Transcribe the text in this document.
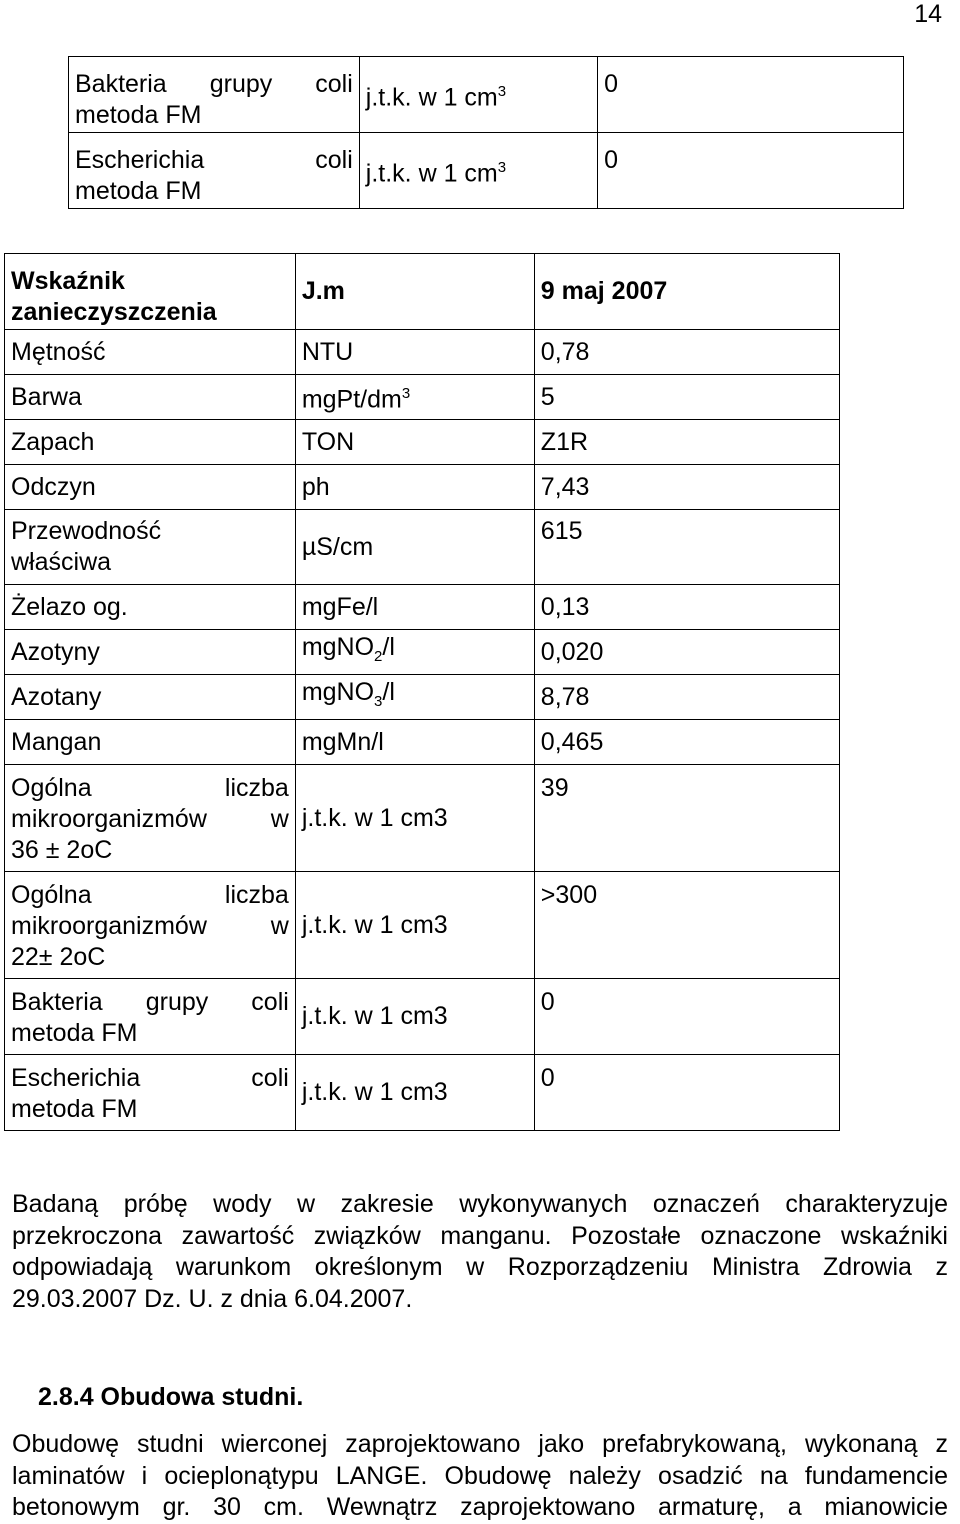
14
Bakteria grupy coli
metoda FM	j.t.k. w 1 $cm^3$	0

Escherichia coli
metoda FM	j.t.k. w 1 $cm^3$	0
Wskaźnik
zanieczyszczenia	J.m	9 maj 2007
Mętność	NTU	0,78
Barwa	mgPt/$dm^3$	5
Zapach	TON	Z1R
Odczyn	ph	7,43

Przewodność
właściwa	µS/cm	615

Żelazo og.	mgFe/l	0,13
Azotyny	mgNO$_2$/l	0,020
Azotany	mgNO$_3$/l	8,78
Mangan	mgMn/l	0,465

Ogólna liczba
mikroorganizmów w
36 ± 2oC	j.t.k. w 1 cm3	39

Ogólna liczba
mikroorganizmów w
22± 2oC	j.t.k. w 1 cm3	>300

Bakteria grupy coli
metoda FM	j.t.k. w 1 cm3	0

Escherichia coli
metoda FM	j.t.k. w 1 cm3	0
Badaną próbę wody w zakresie wykonywanych oznaczeń charakteryzuje
przekroczona zawartość związków manganu. Pozostałe oznaczone wskaźniki
odpowiadają warunkom określonym w Rozporządzeniu Ministra Zdrowia z
29.03.2007 Dz. U. z dnia 6.04.2007.
2.8.4 Obudowa studni.
Obudowę studni wierconej zaprojektowano jako prefabrykowaną, wykonaną z
laminatów i ocieplonątypu LANGE. Obudowę należy osadzić na fundamencie
betonowym gr. 30 cm. Wewnątrz zaprojektowano armaturę, a mianowicie
